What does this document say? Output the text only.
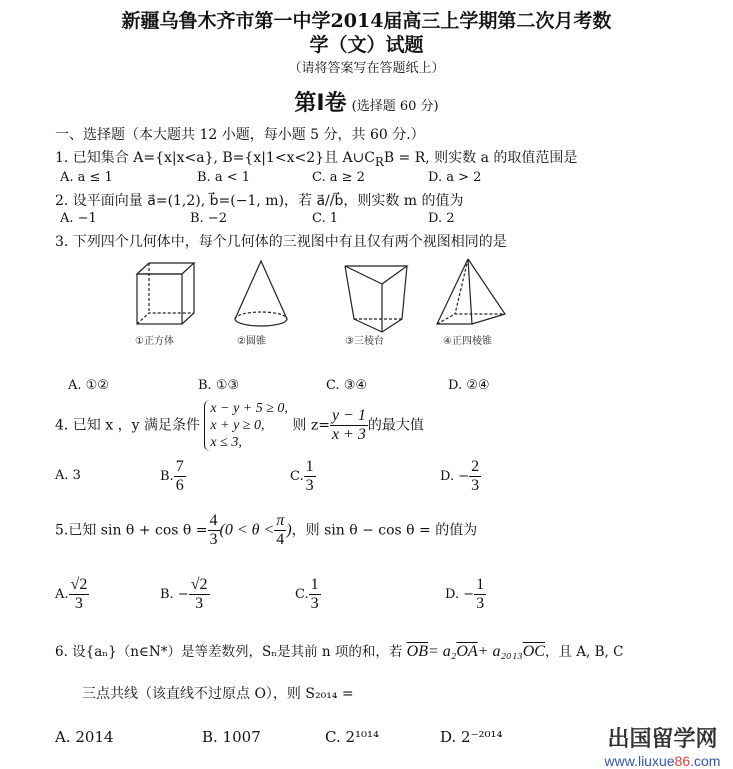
新疆乌鲁木齐市第一中学2014届高三上学期第二次月考数
学（文）试题
（请将答案写在答题纸上）
第Ⅰ卷 (选择题 60 分)
一、选择题（本大题共 12 小题，每小题 5 分，共 60 分.）
1. 已知集合 A={x|x<a}, B={x|1<x<2}且 $A\cup C_RB = R$, 则实数 a 的取值范围是
A. a ≤ 1	B. a < 1	C. a ≥ 2	D. a > 2
2. 设平面向量 a⃗=(1,2), b⃗=(−1, m)，若 a⃗//b⃗，则实数 m 的值为
A. −1	B. −2	C. 1	D. 2
3. 下列四个几何体中，每个几何体的三视图中有且仅有两个视图相同的是
①正方体	②圆锥	③三棱台	④正四棱锥
A. ①②	B. ①③	C. ③④	D. ②④
4. 已知 x ，y 满足条件
x − y + 5 ≥ 0,
x + y ≥ 0,
x ≤ 3,
则 $z= \frac{y - 1}{x + 3}$ 的最大值
A. 3	B. $\frac{7}{6}$	C. $\frac{1}{3}$	D. − $\frac{2}{3}$
5.已知 $\sin \theta + \cos \theta = \frac{4}{3} (0 < \theta < \frac{\pi}{4}$ )，则 sin θ − cos θ = 的值为
A. $\frac{√2}{3}$	B. − $\frac{√2}{3}$	C. $\frac{1}{3}$	D. − $\frac{1}{3}$
6. 设{aₙ}（n∈N*）是等差数列，Sₙ是其前 n 项的和，若 $\overline{OB}= a_2\overline{OA}+ a_{2013}\overline{OC}$，且 A, B, C
三点共线（该直线不过原点 O），则 S₂₀₁₄ =
A. 2014	B. 1007	C. 2¹⁰¹⁴	D. 2⁻²⁰¹⁴	出国留学网
www.liuxue86.com
